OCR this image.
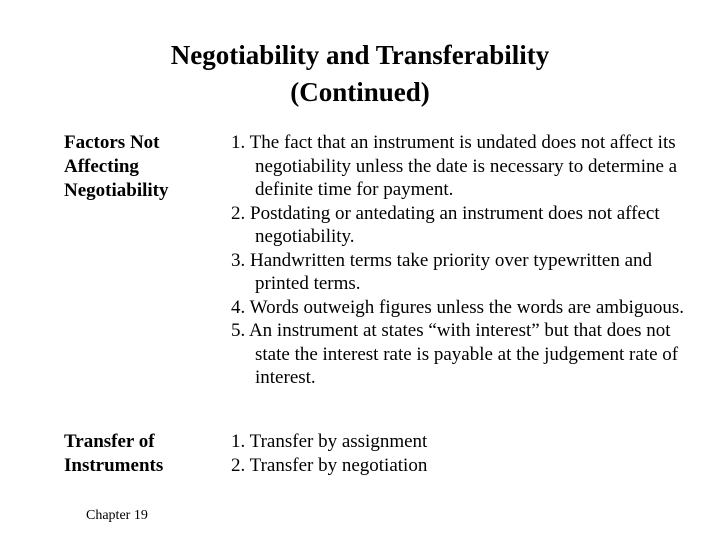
Negotiability and Transferability
(Continued)
Factors Not
Affecting
Negotiability
1. The fact that an instrument is undated does not affect its negotiability unless the date is necessary to determine a definite time for payment.
2. Postdating or antedating an instrument does not affect negotiability.
3. Handwritten terms take priority over typewritten and printed terms.
4. Words outweigh figures unless the words are ambiguous.
5. An instrument at states “with interest” but that does not state the interest rate is payable at the judgement rate of interest.
Transfer of
Instruments
1. Transfer by assignment
2. Transfer by negotiation
Chapter 19
